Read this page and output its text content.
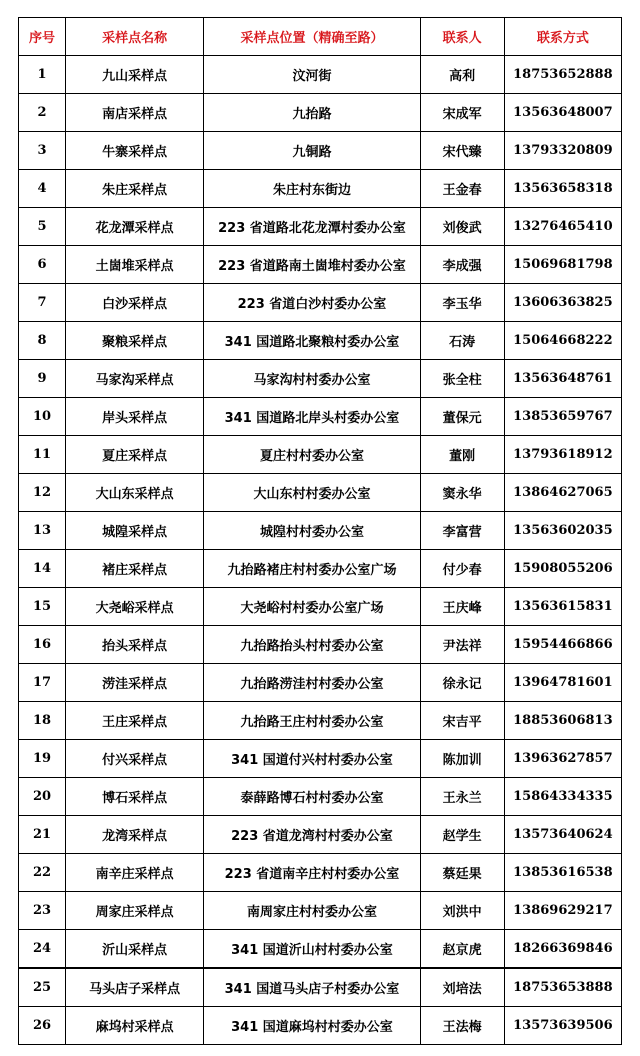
序号	采样点名称	采样点位置（精确至路）	联系人	联系方式
1	九山采样点	汶河街	高利	18753652888
2	南店采样点	九抬路	宋成军	13563648007
3	牛寨采样点	九铜路	宋代臻	13793320809
4	朱庄采样点	朱庄村东街边	王金春	13563658318
5	花龙潭采样点	223 省道路北花龙潭村委办公室	刘俊武	13276465410
6	土崮堆采样点	223 省道路南土崮堆村委办公室	李成强	15069681798
7	白沙采样点	223 省道白沙村委办公室	李玉华	13606363825
8	聚粮采样点	341 国道路北聚粮村委办公室	石涛	15064668222
9	马家沟采样点	马家沟村村委办公室	张全柱	13563648761
10	岸头采样点	341 国道路北岸头村委办公室	董保元	13853659767
11	夏庄采样点	夏庄村村委办公室	董刚	13793618912
12	大山东采样点	大山东村村委办公室	窦永华	13864627065
13	城隍采样点	城隍村村委办公室	李富营	13563602035
14	褚庄采样点	九抬路褚庄村村委办公室广场	付少春	15908055206
15	大尧峪采样点	大尧峪村村委办公室广场	王庆峰	13563615831
16	抬头采样点	九抬路抬头村村委办公室	尹法祥	15954466866
17	涝洼采样点	九抬路涝洼村村委办公室	徐永记	13964781601
18	王庄采样点	九抬路王庄村村委办公室	宋吉平	18853606813
19	付兴采样点	341 国道付兴村村委办公室	陈加训	13963627857
20	博石采样点	泰薛路博石村村委办公室	王永兰	15864334335
21	龙湾采样点	223 省道龙湾村村委办公室	赵学生	13573640624
22	南辛庄采样点	223 省道南辛庄村村委办公室	蔡廷果	13853616538
23	周家庄采样点	南周家庄村村委办公室	刘洪中	13869629217
24	沂山采样点	341 国道沂山村村委办公室	赵京虎	18266369846
25	马头店子采样点	341 国道马头店子村委办公室	刘培法	18753653888
26	麻坞村采样点	341 国道麻坞村村委办公室	王法梅	13573639506
